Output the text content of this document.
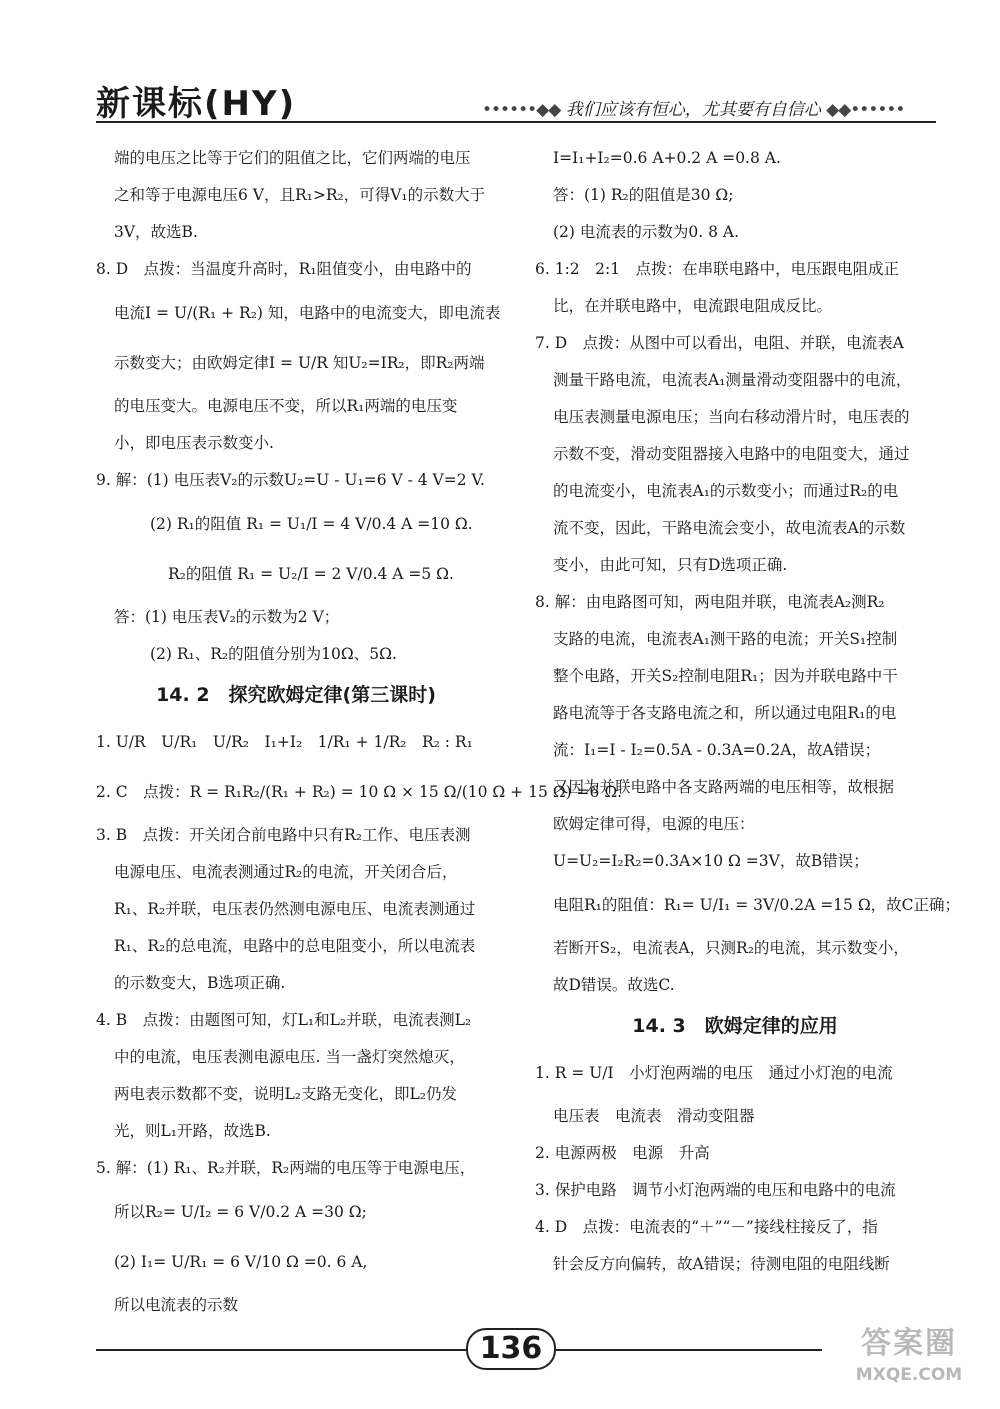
新课标(HY)	••••••◆◆ 我们应该有恒心，尤其要有自信心 ◆◆••••••
端的电压之比等于它们的阻值之比，它们两端的电压
之和等于电源电压6 V，且R₁>R₂，可得V₁的示数大于
3V，故选B.
8. D　点拨：当温度升高时，R₁阻值变小，由电路中的
电流I = U/(R₁ + R₂) 知，电路中的电流变大，即电流表
示数变大；由欧姆定律I = U/R 知U₂=IR₂，即R₂两端
的电压变大。电源电压不变，所以R₁两端的电压变
小，即电压表示数变小.
9. 解：(1) 电压表V₂的示数U₂=U - U₁=6 V - 4 V=2 V.
(2) R₁的阻值 R₁ = U₁/I = 4 V/0.4 A =10 Ω.
R₂的阻值 R₁ = U₂/I = 2 V/0.4 A =5 Ω.
答：(1) 电压表V₂的示数为2 V；
(2) R₁、R₂的阻值分别为10Ω、5Ω.
14. 2　探究欧姆定律(第三课时)
1. U/R　U/R₁　U/R₂　I₁+I₂　1/R₁ + 1/R₂　R₂ : R₁
2. C　点拨：R = R₁R₂/(R₁ + R₂) = 10 Ω × 15 Ω/(10 Ω + 15 Ω) =6 Ω.
3. B　点拨：开关闭合前电路中只有R₂工作、电压表测
电源电压、电流表测通过R₂的电流，开关闭合后，
R₁、R₂并联，电压表仍然测电源电压、电流表测通过
R₁、R₂的总电流，电路中的总电阻变小，所以电流表
的示数变大，B选项正确.
4. B　点拨：由题图可知，灯L₁和L₂并联，电流表测L₂
中的电流，电压表测电源电压. 当一盏灯突然熄灭，
两电表示数都不变，说明L₂支路无变化，即L₂仍发
光，则L₁开路，故选B.
5. 解：(1) R₁、R₂并联，R₂两端的电压等于电源电压，
所以R₂= U/I₂ = 6 V/0.2 A =30 Ω;
(2) I₁= U/R₁ = 6 V/10 Ω =0. 6 A,
所以电流表的示数
I=I₁+I₂=0.6 A+0.2 A =0.8 A.
答：(1) R₂的阻值是30 Ω;
(2) 电流表的示数为0. 8 A.
6. 1:2　2:1　点拨：在串联电路中，电压跟电阻成正
比，在并联电路中，电流跟电阻成反比。
7. D　点拨：从图中可以看出，电阻、并联，电流表A
测量干路电流，电流表A₁测量滑动变阻器中的电流，
电压表测量电源电压；当向右移动滑片时，电压表的
示数不变，滑动变阻器接入电路中的电阻变大，通过
的电流变小，电流表A₁的示数变小；而通过R₂的电
流不变，因此，干路电流会变小，故电流表A的示数
变小，由此可知，只有D选项正确.
8. 解：由电路图可知，两电阻并联，电流表A₂测R₂
支路的电流，电流表A₁测干路的电流；开关S₁控制
整个电路，开关S₂控制电阻R₁；因为并联电路中干
路电流等于各支路电流之和，所以通过电阻R₁的电
流：I₁=I - I₂=0.5A - 0.3A=0.2A，故A错误；
又因为并联电路中各支路两端的电压相等，故根据
欧姆定律可得，电源的电压：
U=U₂=I₂R₂=0.3A×10 Ω =3V，故B错误；
电阻R₁的阻值：R₁= U/I₁ = 3V/0.2A =15 Ω，故C正确；
若断开S₂，电流表A，只测R₂的电流，其示数变小，
故D错误。故选C.
14. 3　欧姆定律的应用
1. R = U/I　小灯泡两端的电压　通过小灯泡的电流
电压表　电流表　滑动变阻器
2. 电源两极　电源　升高
3. 保护电路　调节小灯泡两端的电压和电路中的电流
4. D　点拨：电流表的“＋”“－”接线柱接反了，指
针会反方向偏转，故A错误；待测电阻的电阻线断
136	答案圈
MXQE.COM
